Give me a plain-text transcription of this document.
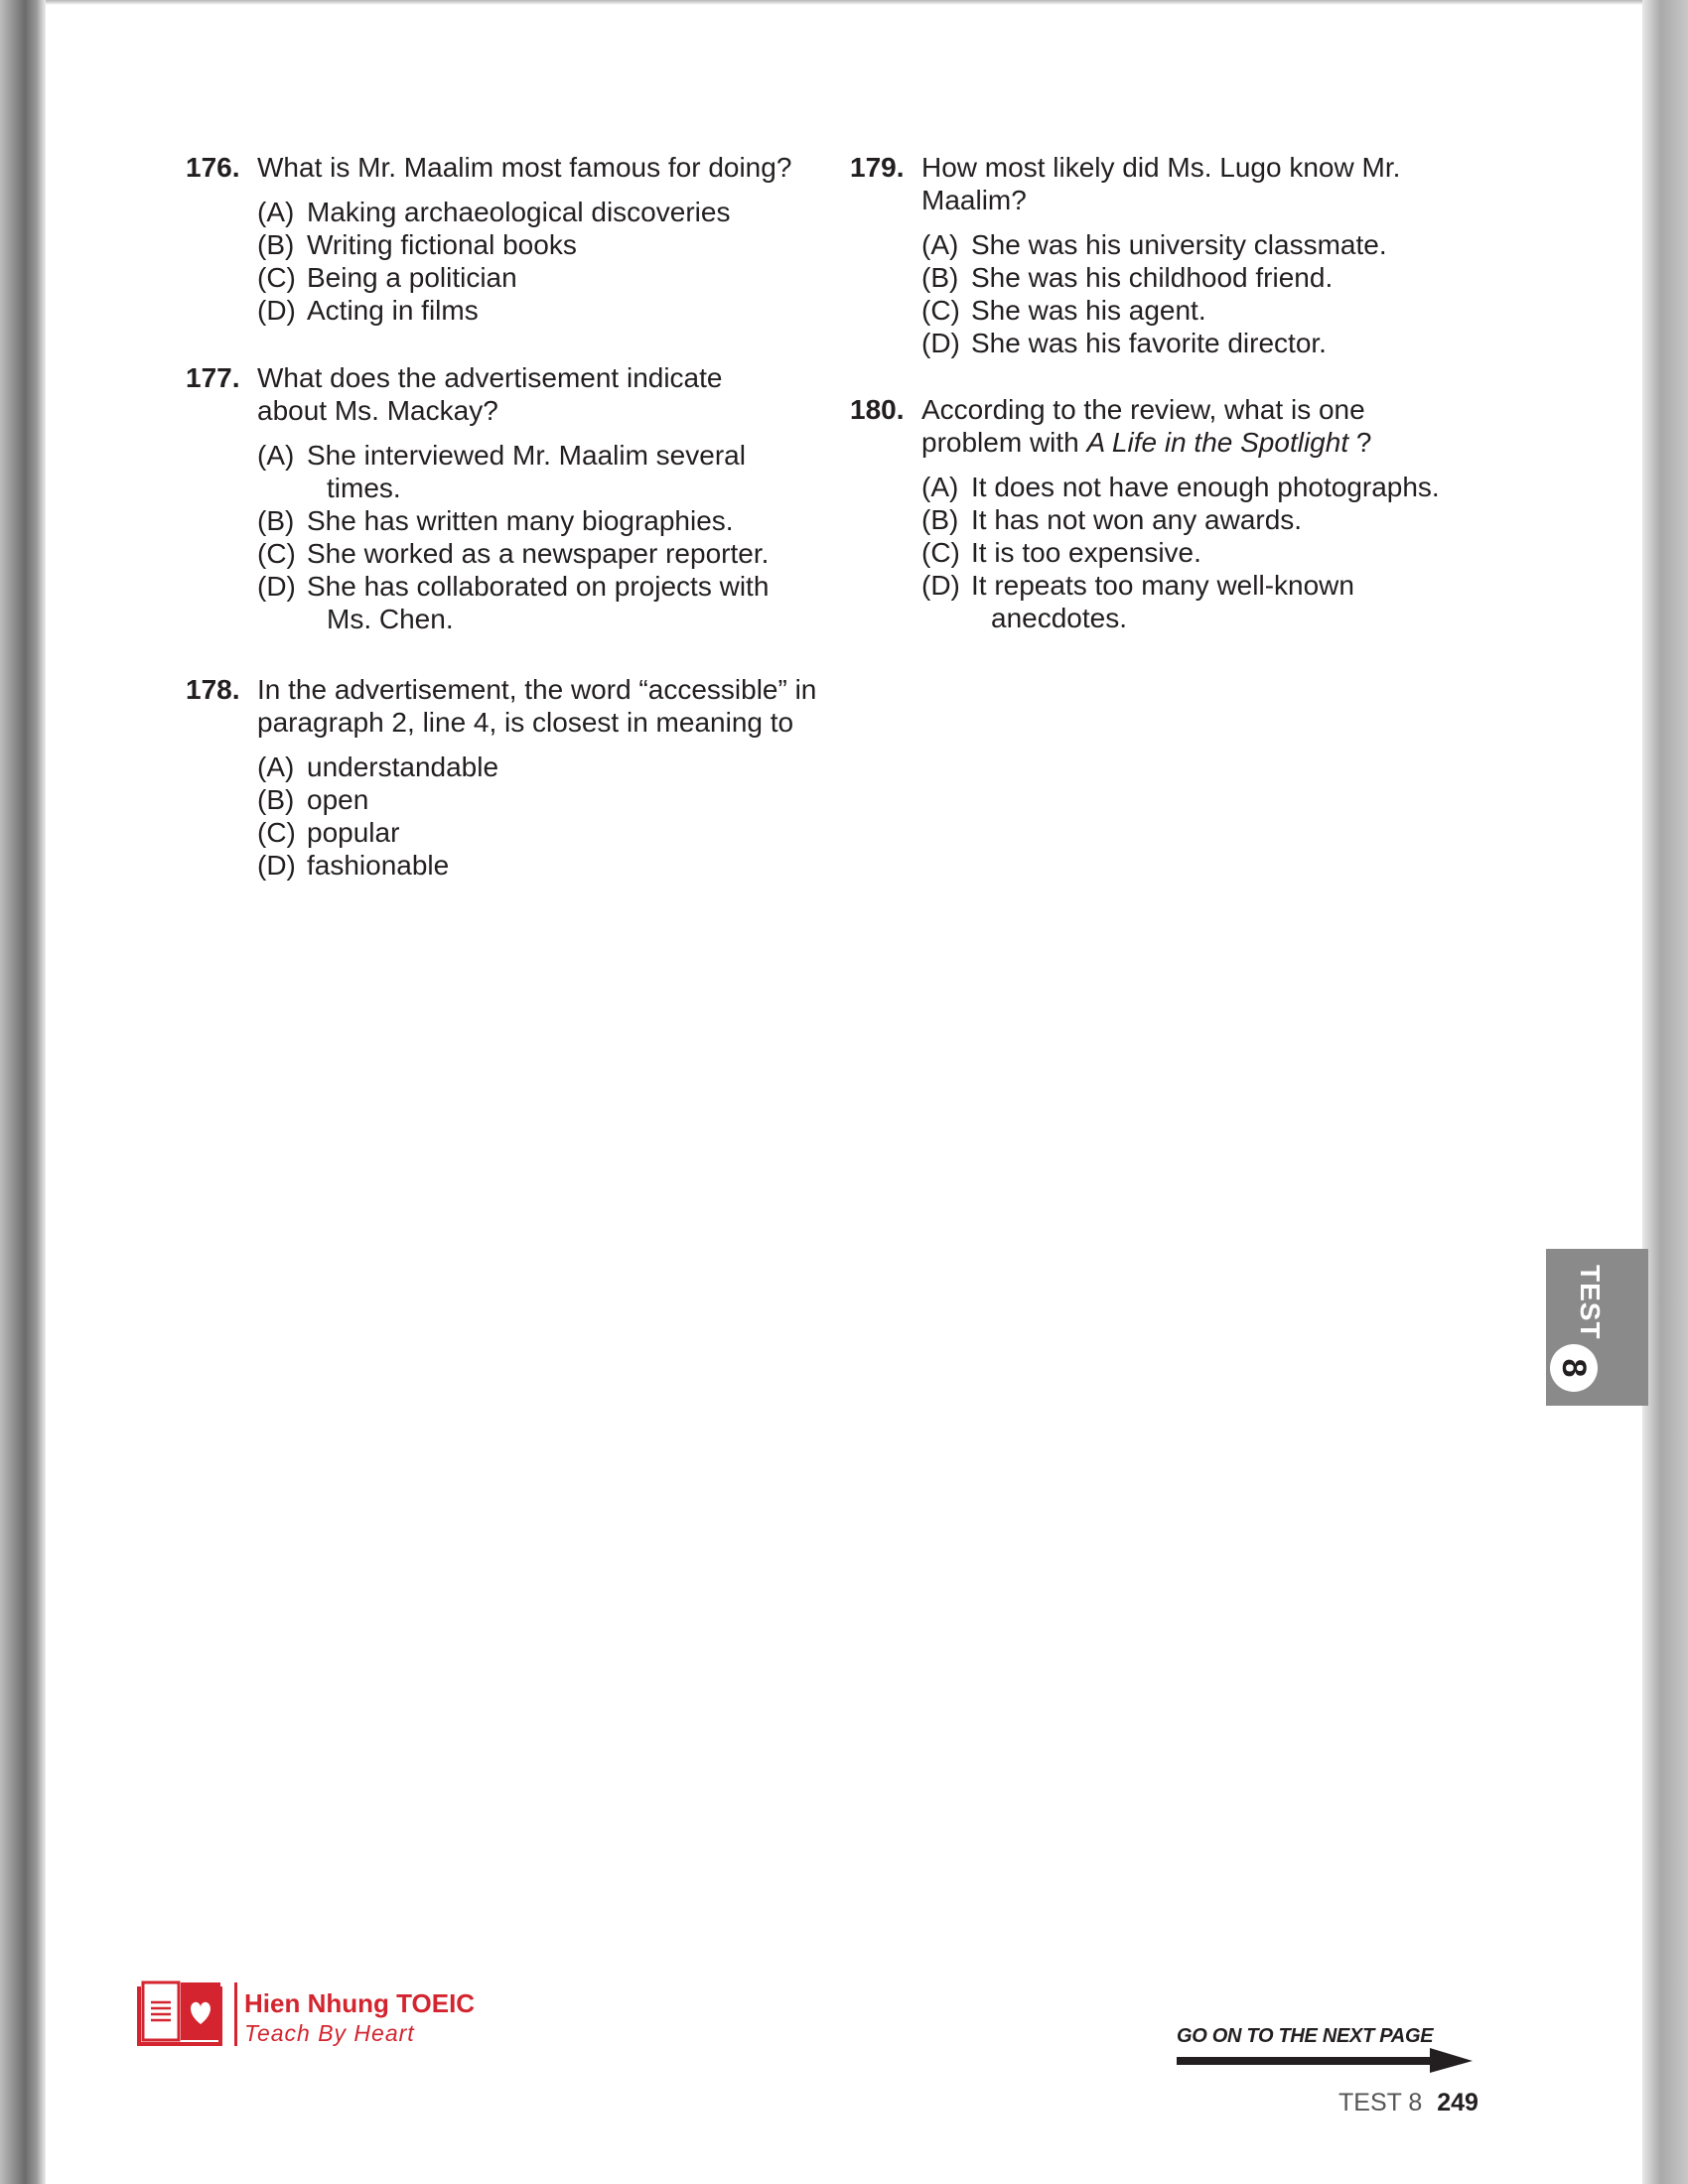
176. What is Mr. Maalim most famous for doing?
(A) Making archaeological discoveries
(B) Writing fictional books
(C) Being a politician
(D) Acting in films
177. What does the advertisement indicate about Ms. Mackay?
(A) She interviewed Mr. Maalim several times.
(B) She has written many biographies.
(C) She worked as a newspaper reporter.
(D) She has collaborated on projects with Ms. Chen.
178. In the advertisement, the word “accessible” in paragraph 2, line 4, is closest in meaning to
(A) understandable
(B) open
(C) popular
(D) fashionable
179. How most likely did Ms. Lugo know Mr. Maalim?
(A) She was his university classmate.
(B) She was his childhood friend.
(C) She was his agent.
(D) She was his favorite director.
180. According to the review, what is one problem with A Life in the Spotlight ?
(A) It does not have enough photographs.
(B) It has not won any awards.
(C) It is too expensive.
(D) It repeats too many well-known anecdotes.
TEST
8
Hien Nhung TOEIC
Teach By Heart	GO ON TO THE NEXT PAGE
TEST 8 249
